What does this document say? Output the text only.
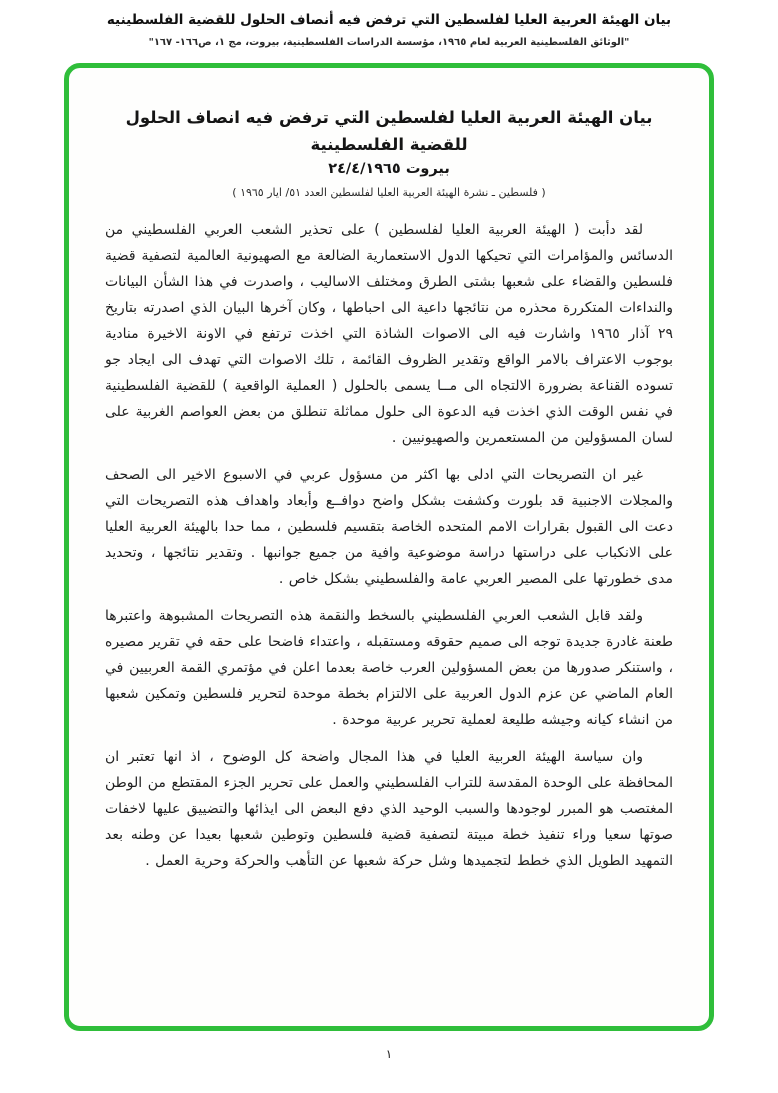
بيان الهيئة العربية العليا لفلسطين التي ترفض فيه أنصاف الحلول للقضية الفلسطينيه
"الوثائق الفلسطينية العربية لعام ١٩٦٥، مؤسسة الدراسات الفلسطينية، بيروت، مج ١، ص١٦٦- ١٦٧"
بيان الهيئة العربية العليا لفلسطين التي ترفض فيه انصاف الحلول للقضية الفلسطينية
بيروت ٢٤/٤/١٩٦٥
( فلسطين ـ نشرة الهيئة العربية العليا لفلسطين العدد ٥١/ ايار ١٩٦٥ )

لقد دأبت ( الهيئة العربية العليا لفلسطين ) على تحذير الشعب العربي الفلسطيني من الدسائس والمؤامرات التي تحيكها الدول الاستعمارية الضالعة مع الصهيونية العالمية لتصفية قضية فلسطين والقضاء على شعبها بشتى الطرق ومختلف الاساليب ، واصدرت في هذا الشأن البيانات والنداءات المتكررة محذره من نتائجها داعية الى احباطها ، وكان آخرها البيان الذي اصدرته بتاريخ ٢٩ آذار ١٩٦٥ واشارت فيه الى الاصوات الشاذة التي اخذت ترتفع في الاونة الاخيرة منادية بوجوب الاعتراف بالامر الواقع وتقدير الظروف القائمة ، تلك الاصوات التي تهدف الى ايجاد جو تسوده القناعة بضرورة الالتجاه الى مــا يسمى بالحلول ( العملية الواقعية ) للقضية الفلسطينية في نفس الوقت الذي اخذت فيه الدعوة الى حلول مماثلة تنطلق من بعض العواصم الغربية على لسان المسؤولين من المستعمرين والصهيونيين .

غير ان التصريحات التي ادلى بها اكثر من مسؤول عربي في الاسبوع الاخير الى الصحف والمجلات الاجنبية قد بلورت وكشفت بشكل واضح دوافــع وأبعاد واهداف هذه التصريحات التي دعت الى القبول بقرارات الامم المتحده الخاصة بتقسيم فلسطين ، مما حدا بالهيئة العربية العليا على الانكباب على دراستها دراسة موضوعية وافية من جميع جوانبها . وتقدير نتائجها ، وتحديد مدى خطورتها على المصير العربي عامة والفلسطيني بشكل خاص .

ولقد قابل الشعب العربي الفلسطيني بالسخط والنقمة هذه التصريحات المشبوهة واعتبرها طعنة غادرة جديدة توجه الى صميم حقوقه ومستقبله ، واعتداء فاضحا على حقه في تقرير مصيره ، واستنكر صدورها من بعض المسؤولين العرب خاصة بعدما اعلن في مؤتمري القمة العربيين في العام الماضي عن عزم الدول العربية على الالتزام بخطة موحدة لتحرير فلسطين وتمكين شعبها من انشاء كيانه وجيشه طليعة لعملية تحرير عربية موحدة .

وان سياسة الهيئة العربية العليا في هذا المجال واضحة كل الوضوح ، اذ انها تعتبر ان المحافظة على الوحدة المقدسة للتراب الفلسطيني والعمل على تحرير الجزء المقتطع من الوطن المغتصب هو المبرر لوجودها والسبب الوحيد الذي دفع البعض الى ايذائها والتضييق عليها لاخفات صوتها سعيا وراء تنفيذ خطة مبيتة لتصفية قضية فلسطين وتوطين شعبها بعيدا عن وطنه بعد التمهيد الطويل الذي خطط لتجميدها وشل حركة شعبها عن التأهب والحركة وحرية العمل .

١
